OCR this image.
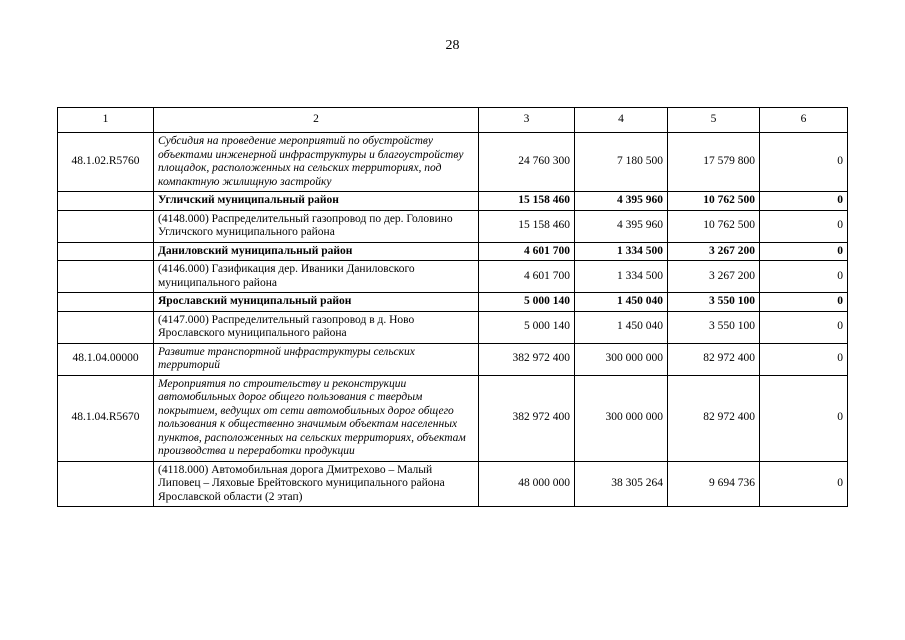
28
1	2	3	4	5	6
48.1.02.R5760	Субсидия на проведение мероприятий по обустройству объектами инженерной инфраструктуры и благоустройству площадок, расположенных на сельских территориях, под компактную жилищную застройку	24 760 300	7 180 500	17 579 800	0
	Угличский муниципальный район	15 158 460	4 395 960	10 762 500	0
	(4148.000) Распределительный газопровод по дер. Головино Угличского муниципального района	15 158 460	4 395 960	10 762 500	0
	Даниловский муниципальный район	4 601 700	1 334 500	3 267 200	0
	(4146.000) Газификация дер. Иваники Даниловского муниципального района	4 601 700	1 334 500	3 267 200	0
	Ярославский муниципальный район	5 000 140	1 450 040	3 550 100	0
	(4147.000) Распределительный газопровод в д. Ново Ярославского муниципального района	5 000 140	1 450 040	3 550 100	0
48.1.04.00000	Развитие транспортной инфраструктуры сельских территорий	382 972 400	300 000 000	82 972 400	0
48.1.04.R5670	Мероприятия по строительству и реконструкции автомобильных дорог общего пользования с твердым покрытием, ведущих от сети автомобильных дорог общего пользования к общественно значимым объектам населенных пунктов, расположенных на сельских территориях, объектам производства и переработки продукции	382 972 400	300 000 000	82 972 400	0
	(4118.000) Автомобильная дорога Дмитрехово – Малый Липовец – Ляховые Брейтовского муниципального района Ярославской области (2 этап)	48 000 000	38 305 264	9 694 736	0
